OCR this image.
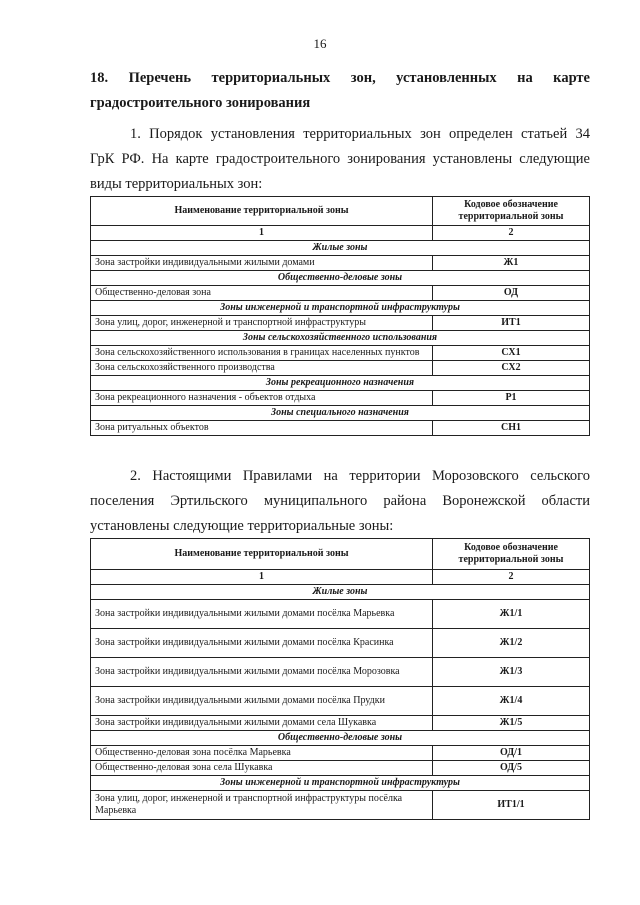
16
18. Перечень территориальных зон, установленных на карте
градостроительного зонирования
1. Порядок установления территориальных зон определен статьей 34
ГрК РФ. На карте градостроительного зонирования установлены следующие
виды территориальных зон:
Наименование территориальной зоны	Кодовое обозначение территориальной зоны
1	2
Жилые зоны	
Зона застройки индивидуальными жилыми домами	Ж1
Общественно-деловые зоны	
Общественно-деловая зона	ОД
Зоны инженерной и транспортной инфраструктуры	
Зона улиц, дорог, инженерной и транспортной инфраструктуры	ИТ1
Зоны сельскохозяйственного использования	
Зона сельскохозяйственного использования в границах населенных пунктов	СХ1
Зона сельскохозяйственного производства	СХ2
Зоны рекреационного назначения	
Зона рекреационного назначения - объектов отдыха	Р1
Зоны специального назначения	
Зона ритуальных объектов	СН1
2. Настоящими Правилами на территории Морозовского сельского
поселения Эртильского муниципального района Воронежской области
установлены следующие территориальные зоны:
Наименование территориальной зоны	Кодовое обозначение территориальной зоны
1	2
Жилые зоны	
Зона застройки индивидуальными жилыми домами посёлка Марьевка	Ж1/1
Зона застройки индивидуальными жилыми домами посёлка Красинка	Ж1/2
Зона застройки индивидуальными жилыми домами посёлка Морозовка	Ж1/3
Зона застройки индивидуальными жилыми домами посёлка Прудки	Ж1/4
Зона застройки индивидуальными жилыми домами села Шукавка	Ж1/5
Общественно-деловые зоны	
Общественно-деловая зона посёлка Марьевка	ОД/1
Общественно-деловая зона села Шукавка	ОД/5
Зоны инженерной и транспортной инфраструктуры	
Зона улиц, дорог, инженерной и транспортной инфраструктуры посёлка Марьевка	ИТ1/1
